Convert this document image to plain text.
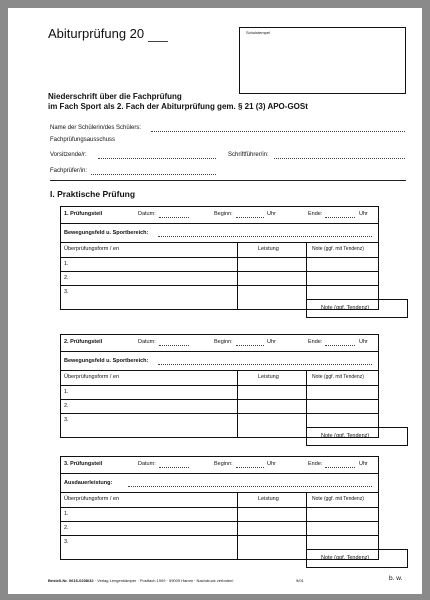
Abiturprüfung 20	Schulstempel
Niederschrift über die Fachprüfung
im Fach Sport als 2. Fach der Abiturprüfung gem. § 21 (3) APO-GOSt
Name der Schülerin/des Schülers:
Fachprüfungsausschuss
Vorsitzende/r:	Schriftführer/in:
Fachprüfer/in:
I. Praktische Prüfung
1. Prüfungsteil	Datum:	Beginn:	Uhr	Ende:	Uhr
Bewegungsfeld u. Sportbereich:
Überprüfungsform / en	Leistung	Note (ggf. mit Tendenz)
1.
2.
3.
Note (ggf. Tendenz)
2. Prüfungsteil	Datum:	Beginn:	Uhr	Ende:	Uhr
Bewegungsfeld u. Sportbereich:
Überprüfungsform / en	Leistung	Note (ggf. mit Tendenz)
1.
2.
3.
Note (ggf. Tendenz)
3. Prüfungsteil	Datum:	Beginn:	Uhr	Ende:	Uhr
Ausdauerleistung:
Überprüfungsform / en	Leistung	Note (ggf. mit Tendenz)
1.
2.
3.
Note (ggf. Tendenz)
Bestell-Nr. 0616-0208/32 · Verlag Lengenkämper · Postfach 1909 · 59009 Hamm · Nachdruck verboten!	9/01	b. w.
